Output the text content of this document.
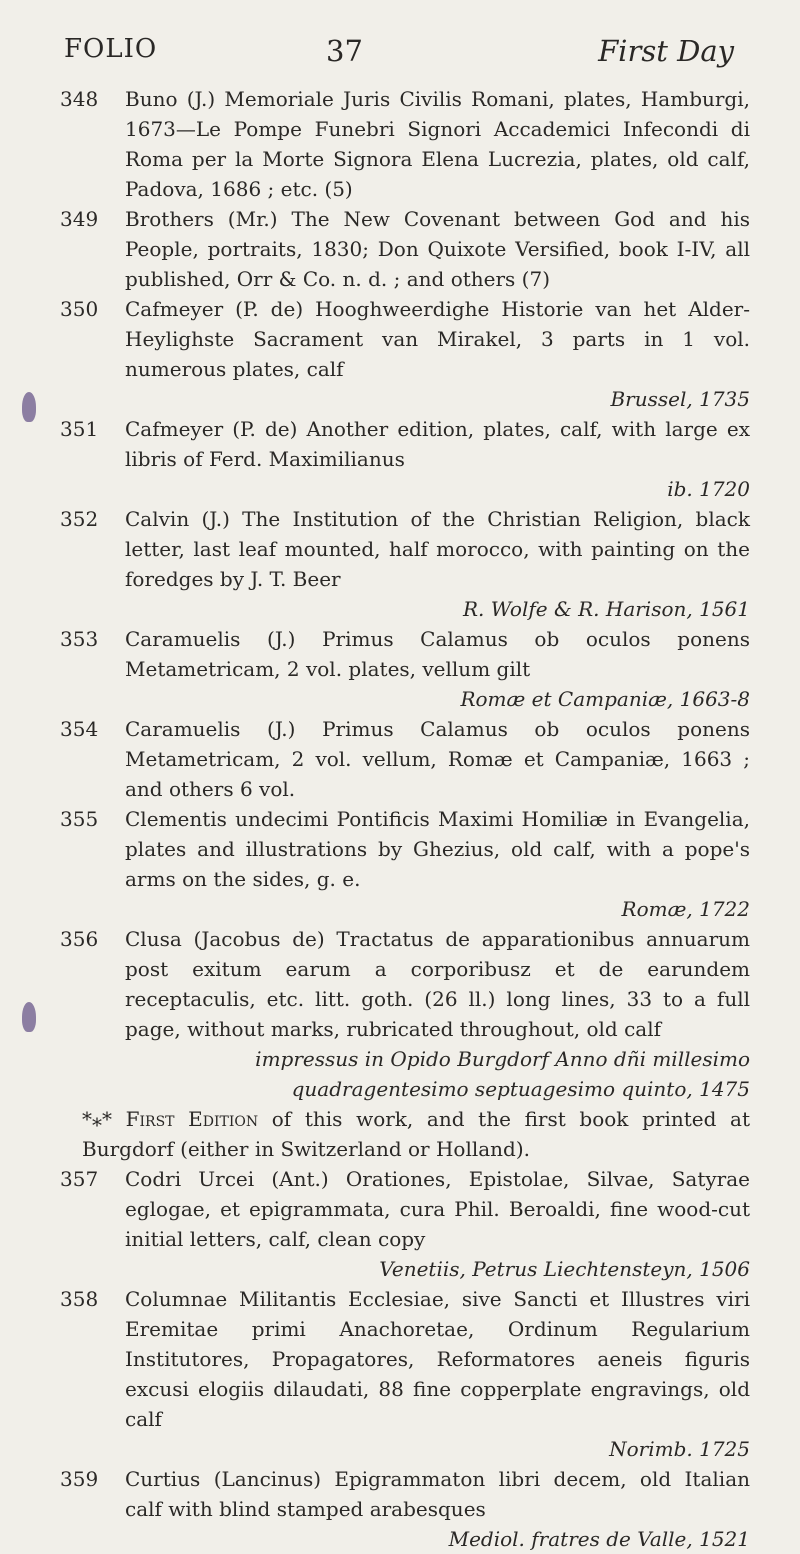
FOLIO	37	First Day
348	Buno (J.) Memoriale Juris Civilis Romani, plates, Hamburgi, 1673—Le Pompe Funebri Signori Accademici Infecondi di Roma per la Morte Signora Elena Lucrezia, plates, old calf, Padova, 1686 ; etc. (5)
349	Brothers (Mr.) The New Covenant between God and his People, portraits, 1830; Don Quixote Versified, book I-IV, all published, Orr & Co. n. d. ; and others (7)
350	Cafmeyer (P. de) Hooghweerdighe Historie van het Alder-Heylighste Sacrament van Mirakel, 3 parts in 1 vol. numerous plates, calf
Brussel, 1735
351	Cafmeyer (P. de) Another edition, plates, calf, with large ex libris of Ferd. Maximilianus
ib. 1720
352	Calvin (J.) The Institution of the Christian Religion, black letter, last leaf mounted, half morocco, with painting on the foredges by J. T. Beer
R. Wolfe & R. Harison, 1561
353	Caramuelis (J.) Primus Calamus ob oculos ponens Metametricam, 2 vol. plates, vellum gilt
Romæ et Campaniæ, 1663-8
354	Caramuelis (J.) Primus Calamus ob oculos ponens Metametricam, 2 vol. vellum, Romæ et Campaniæ, 1663 ; and others 6 vol.
355	Clementis undecimi Pontificis Maximi Homiliæ in Evangelia, plates and illustrations by Ghezius, old calf, with a pope's arms on the sides, g. e.
Romæ, 1722
356	Clusa (Jacobus de) Tractatus de apparationibus annuarum post exitum earum a corporibusz et de earundem receptaculis, etc. litt. goth. (26 ll.) long lines, 33 to a full page, without marks, rubricated throughout, old calf
impressus in Opido Burgdorf Anno dñi millesimo quadragentesimo septuagesimo quinto, 1475
*⁎* First Edition of this work, and the first book printed at Burgdorf (either in Switzerland or Holland).
357	Codri Urcei (Ant.) Orationes, Epistolae, Silvae, Satyrae eglogae, et epigrammata, cura Phil. Beroaldi, fine wood-cut initial letters, calf, clean copy
Venetiis, Petrus Liechtensteyn, 1506
358	Columnae Militantis Ecclesiae, sive Sancti et Illustres viri Eremitae primi Anachoretae, Ordinum Regularium Institutores, Propagatores, Reformatores aeneis figuris excusi elogiis dilaudati, 88 fine copperplate engravings, old calf
Norimb. 1725
359	Curtius (Lancinus) Epigrammaton libri decem, old Italian calf with blind stamped arabesques
Mediol. fratres de Valle, 1521
